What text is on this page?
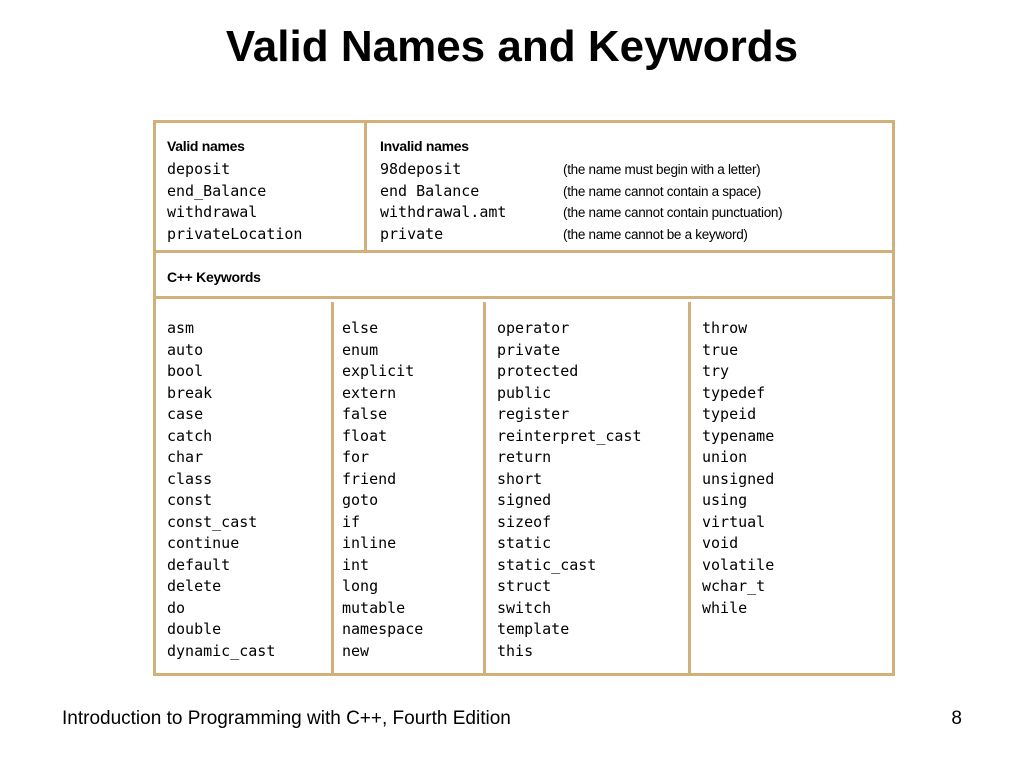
Valid Names and Keywords
Valid names
deposit
end_Balance
withdrawal
privateLocation
Invalid names
98deposit
end Balance
withdrawal.amt
private
(the name must begin with a letter)
(the name cannot contain a space)
(the name cannot contain punctuation)
(the name cannot be a keyword)
C++ Keywords
asm
auto
bool
break
case
catch
char
class
const
const_cast
continue
default
delete
do
double
dynamic_cast
else
enum
explicit
extern
false
float
for
friend
goto
if
inline
int
long
mutable
namespace
new
operator
private
protected
public
register
reinterpret_cast
return
short
signed
sizeof
static
static_cast
struct
switch
template
this
throw
true
try
typedef
typeid
typename
union
unsigned
using
virtual
void
volatile
wchar_t
while
Introduction to Programming with C++, Fourth Edition	8
